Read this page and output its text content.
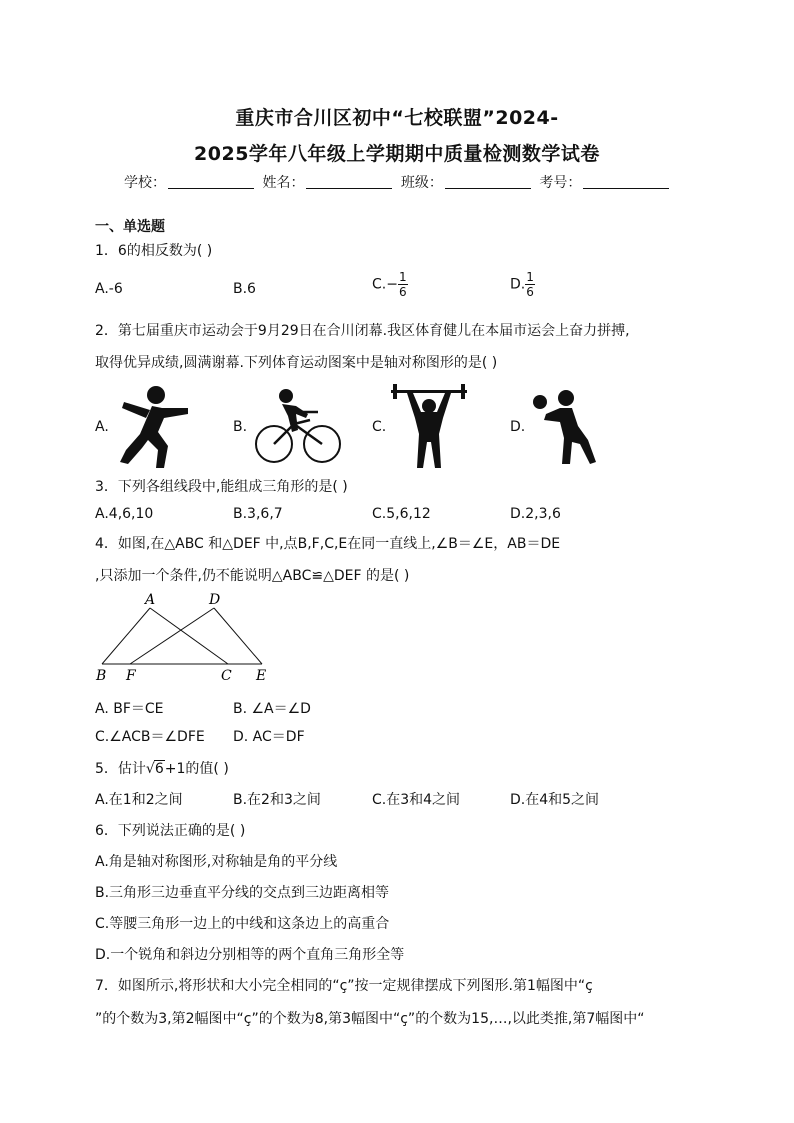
重庆市合川区初中“七校联盟”2024-
2025学年八年级上学期期中质量检测数学试卷
学校：	姓名：	班级：	考号：
一、单选题
1．6的相反数为( )
A.-6	B.6	$C.- \frac{1}{6}$	D. $\frac{1}{6}$
2．第七届重庆市运动会于9月29日在合川闭幕.我区体育健儿在本届市运会上奋力拼搏,
取得优异成绩,圆满谢幕.下列体育运动图案中是轴对称图形的是( )
A.	B.	C.	D.
3．下列各组线段中,能组成三角形的是( )
A.4,6,10	B.3,6,7	C.5,6,12	D.2,3,6
4．如图,在△ABC 和△DEF 中,点B,F,C,E在同一直线上,∠B＝∠E，AB＝DE
,只添加一个条件,仍不能说明△ABC≌△DEF 的是( )
A	D
B F	C E
A. BF＝CE	B. ∠A＝∠D
C.∠ACB＝∠DFE D. AC＝DF
5．估计√6+1的值( )
A.在1和2之间	B.在2和3之间	C.在3和4之间	D.在4和5之间
6．下列说法正确的是( )
A.角是轴对称图形,对称轴是角的平分线
B.三角形三边垂直平分线的交点到三边距离相等
C.等腰三角形一边上的中线和这条边上的高重合
D.一个锐角和斜边分别相等的两个直角三角形全等
7．如图所示,将形状和大小完全相同的“ç”按一定规律摆成下列图形.第1幅图中“ç
”的个数为3,第2幅图中“ç”的个数为8,第3幅图中“ç”的个数为15,…,以此类推,第7幅图中“
